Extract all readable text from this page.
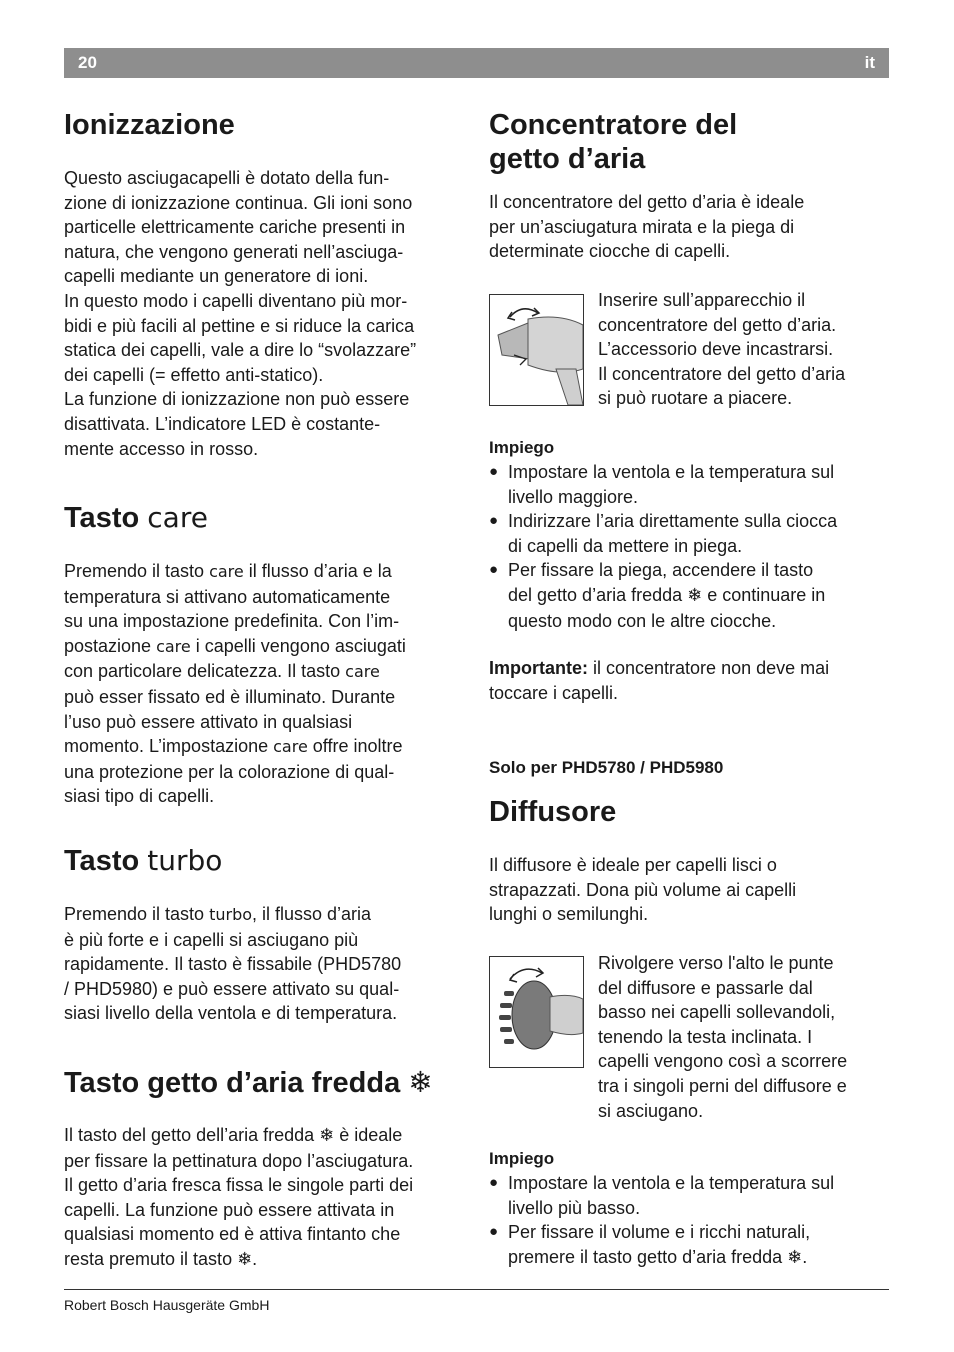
20	it
Ionizzazione

Questo asciugacapelli è dotato della fun-
zione di ionizzazione continua. Gli ioni sono
particelle elettricamente cariche presenti in
natura, che vengono generati nell’asciuga-
capelli mediante un generatore di ioni.
In questo modo i capelli diventano più mor-
bidi e più facili al pettine e si riduce la carica
statica dei capelli, vale a dire lo “svolazzare”
dei capelli (= effetto anti-statico).
La funzione di ionizzazione non può essere
disattivata. L’indicatore LED è costante-
mente accesso in rosso.

Tasto care

Premendo il tasto care il flusso d’aria e la
temperatura si attivano automaticamente
su una impostazione predefinita. Con l’im-
postazione care i capelli vengono asciugati
con particolare delicatezza. Il tasto care
può esser fissato ed è illuminato. Durante
l’uso può essere attivato in qualsiasi
momento. L’impostazione care offre inoltre
una protezione per la colorazione di qual-
siasi tipo di capelli.

Tasto turbo

Premendo il tasto turbo, il flusso d’aria
è più forte e i capelli si asciugano più
rapidamente. Il tasto è fissabile (PHD5780
/ PHD5980) e può essere attivato su qual-
siasi livello della ventola e di temperatura.

Tasto getto d’aria fredda ❄

Il tasto del getto dell’aria fredda ❄ è ideale
per fissare la pettinatura dopo l’asciugatura.
Il getto d’aria fresca fissa le singole parti dei
capelli. La funzione può essere attivata in
qualsiasi momento ed è attiva fintanto che
resta premuto il tasto ❄.

Concentratore del
getto d’aria

Il concentratore del getto d’aria è ideale
per un’asciugatura mirata e la piega di
determinate ciocche di capelli.

Inserire sull’apparecchio il
concentratore del getto d’aria.
L’accessorio deve incastrarsi.
Il concentratore del getto d’aria
si può ruotare a piacere.

Impiego
● Impostare la ventola e la temperatura sul
livello maggiore.
● Indirizzare l’aria direttamente sulla ciocca
di capelli da mettere in piega.
● Per fissare la piega, accendere il tasto
del getto d’aria fredda ❄ e continuare in
questo modo con le altre ciocche.

Importante: il concentratore non deve mai
toccare i capelli.

Solo per PHD5780 / PHD5980
Diffusore

Il diffusore è ideale per capelli lisci o
strapazzati. Dona più volume ai capelli
lunghi o semilunghi.

Rivolgere verso l'alto le punte
del diffusore e passarle dal
basso nei capelli sollevandoli,
tenendo la testa inclinata. I
capelli vengono così a scorrere
tra i singoli perni del diffusore e
si asciugano.

Impiego
● Impostare la ventola e la temperatura sul
livello più basso.
● Per fissare il volume e i ricchi naturali,
premere il tasto getto d’aria fredda ❄.
Robert Bosch Hausgeräte GmbH
